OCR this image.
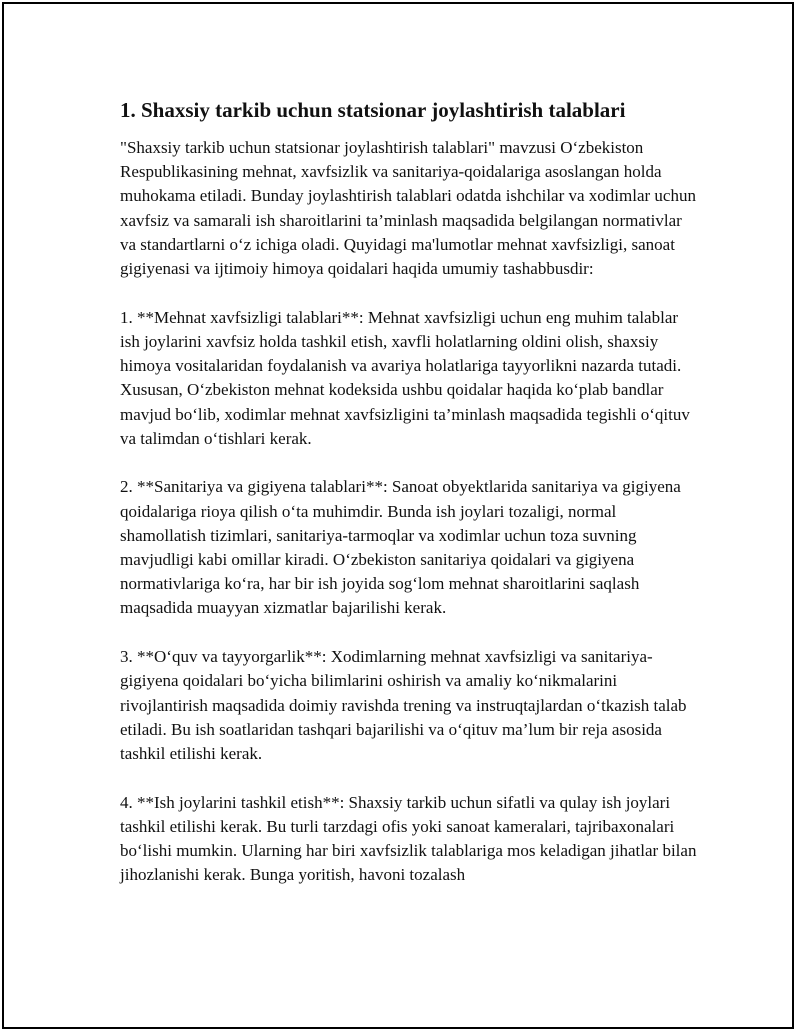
1. Shaxsiy tarkib uchun statsionar joylashtirish talablari

"Shaxsiy tarkib uchun statsionar joylashtirish talablari" mavzusi O‘zbekiston Respublikasining mehnat, xavfsizlik va sanitariya-qoidalariga asoslangan holda muhokama etiladi. Bunday joylashtirish talablari odatda ishchilar va xodimlar uchun xavfsiz va samarali ish sharoitlarini ta’minlash maqsadida belgilangan normativlar va standartlarni o‘z ichiga oladi. Quyidagi ma'lumotlar mehnat xavfsizligi, sanoat gigiyenasi va ijtimoiy himoya qoidalari haqida umumiy tashabbusdir:

1. **Mehnat xavfsizligi talablari**: Mehnat xavfsizligi uchun eng muhim talablar ish joylarini xavfsiz holda tashkil etish, xavfli holatlarning oldini olish, shaxsiy himoya vositalaridan foydalanish va avariya holatlariga tayyorlikni nazarda tutadi. Xususan, O‘zbekiston mehnat kodeksida ushbu qoidalar haqida ko‘plab bandlar mavjud bo‘lib, xodimlar mehnat xavfsizligini ta’minlash maqsadida tegishli o‘qituv va talimdan o‘tishlari kerak.

2. **Sanitariya va gigiyena talablari**: Sanoat obyektlarida sanitariya va gigiyena qoidalariga rioya qilish o‘ta muhimdir. Bunda ish joylari tozaligi, normal shamollatish tizimlari, sanitariya-tarmoqlar va xodimlar uchun toza suvning mavjudligi kabi omillar kiradi. O‘zbekiston sanitariya qoidalari va gigiyena normativlariga ko‘ra, har bir ish joyida sog‘lom mehnat sharoitlarini saqlash maqsadida muayyan xizmatlar bajarilishi kerak.

3. **O‘quv va tayyorgarlik**: Xodimlarning mehnat xavfsizligi va sanitariya-gigiyena qoidalari bo‘yicha bilimlarini oshirish va amaliy ko‘nikmalarini rivojlantirish maqsadida doimiy ravishda trening va instruqtajlardan o‘tkazish talab etiladi. Bu ish soatlaridan tashqari bajarilishi va o‘qituv ma’lum bir reja asosida tashkil etilishi kerak.

4. **Ish joylarini tashkil etish**: Shaxsiy tarkib uchun sifatli va qulay ish joylari tashkil etilishi kerak. Bu turli tarzdagi ofis yoki sanoat kameralari, tajribaxonalari bo‘lishi mumkin. Ularning har biri xavfsizlik talablariga mos keladigan jihatlar bilan jihozlanishi kerak. Bunga yoritish, havoni tozalash
